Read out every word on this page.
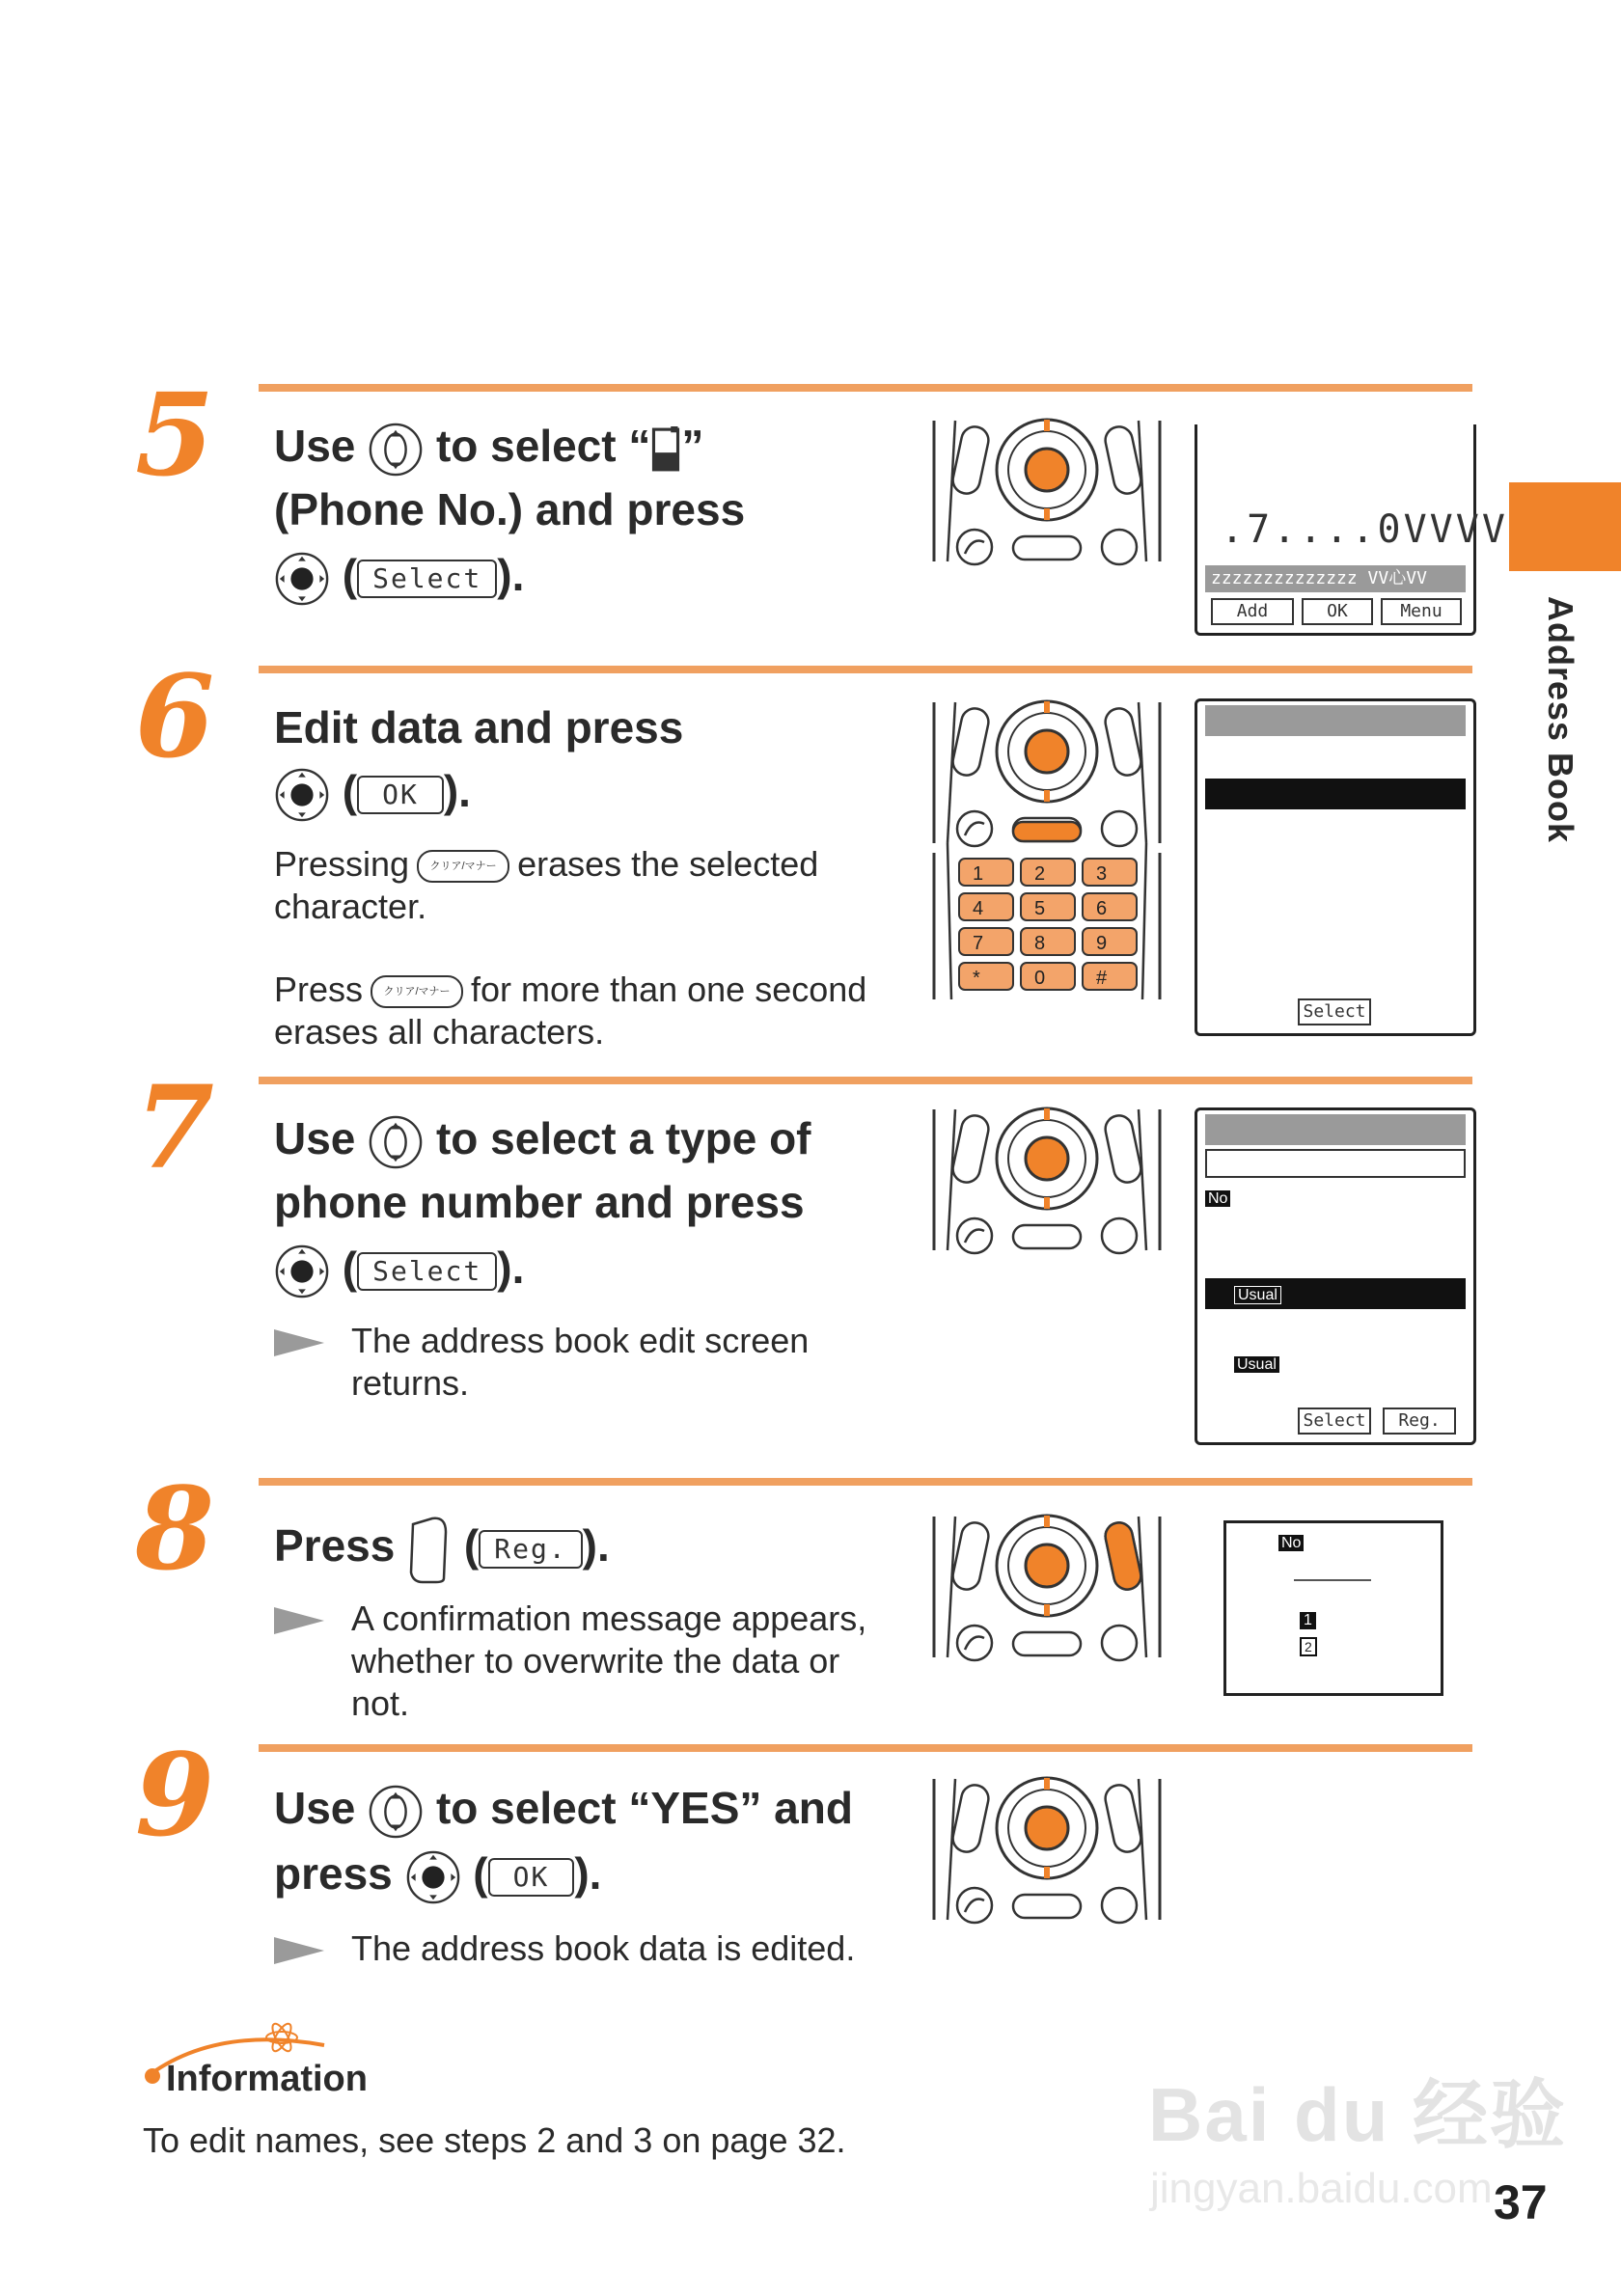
Address Book
5 Use to select “ ”
(Phone No.) and press
( Select ).
.7....0VVVV
zzzzzzzzzzzzzz VV心VV
Add	OK	Menu
6 Edit data and press
( OK ).
Pressing クリア/マナー erases the selected character.
Press クリア/マナー for more than one second erases all characters.
1	2	3
4	5	6
7	8	9
*	0	#
Select
7 Use to select a type of
phone number and press
( Select ).
The address book edit screen returns.
No
Usual
Usual
Select	Reg.
8 Press  ( Reg. ).
A confirmation message appears, whether to overwrite the data or not.
No
1
2
9 Use to select “YES” and
press  ( OK ).
The address book data is edited.
Information
To edit names, see steps 2 and 3 on page 32.	Bai du 经验
jingyan.baidu.com 37
